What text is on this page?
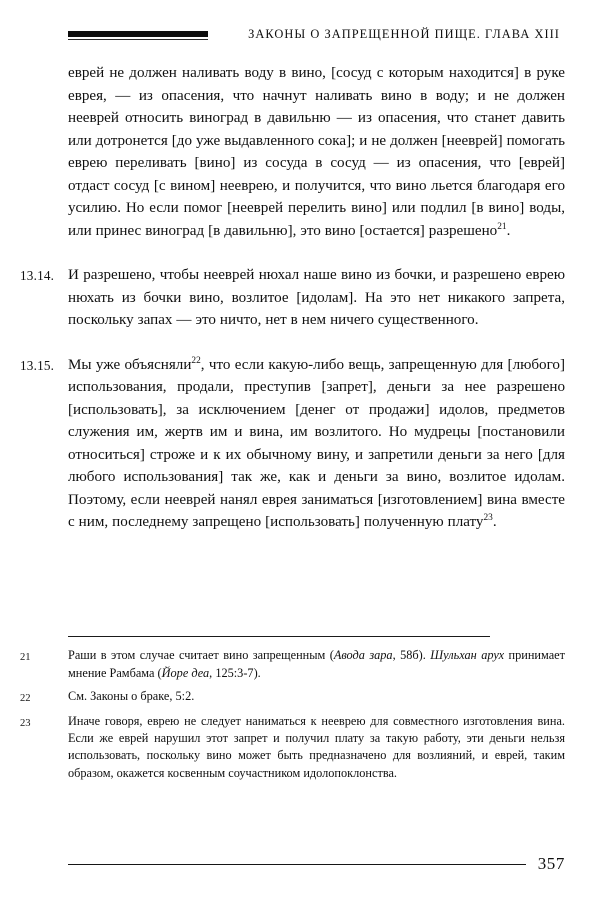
ЗАКОНЫ О ЗАПРЕЩЕННОЙ ПИЩЕ. ГЛАВА XIII
еврей не должен наливать воду в вино, [сосуд с которым находится] в руке еврея, — из опасения, что начнут наливать вино в воду; и не должен нееврей относить виноград в давильню — из опасения, что станет давить или дотронется [до уже выдавленного сока]; и не должен [нееврей] помогать еврею переливать [вино] из сосуда в сосуд — из опасения, что [еврей] отдаст сосуд [с вином] нееврею, и получится, что вино льется благодаря его усилию. Но если помог [нееврей перелить вино] или подлил [в вино] воды, или принес виноград [в давильню], это вино [остается] разрешено$^{21}$.
13.14. И разрешено, чтобы нееврей нюхал наше вино из бочки, и разрешено еврею нюхать из бочки вино, возлитое [идолам]. На это нет никакого запрета, поскольку запах — это ничто, нет в нем ничего существенного.
13.15. Мы уже объясняли$^{22}$, что если какую-либо вещь, запрещенную для [любого] использования, продали, преступив [запрет], деньги за нее разрешено [использовать], за исключением [денег от продажи] идолов, предметов служения им, жертв им и вина, им возлитого. Но мудрецы [постановили относиться] строже и к их обычному вину, и запретили деньги за него [для любого использования] так же, как и деньги за вино, возлитое идолам. Поэтому, если нееврей нанял еврея заниматься [изготовлением] вина вместе с ним, последнему запрещено [использовать] полученную плату$^{23}$.
21	Раши в этом случае считает вино запрещенным (Авода зара, 58б). Шульхан арух принимает мнение Рамбама (Йоре деа, 125:3-7).
22	См. Законы о браке, 5:2.
23	Иначе говоря, еврею не следует наниматься к нееврею для совместного изготовления вина. Если же еврей нарушил этот запрет и получил плату за такую работу, эти деньги нельзя использовать, поскольку вино может быть предназначено для возлияний, и еврей, таким образом, окажется косвенным соучастником идолопоклонства.
357
